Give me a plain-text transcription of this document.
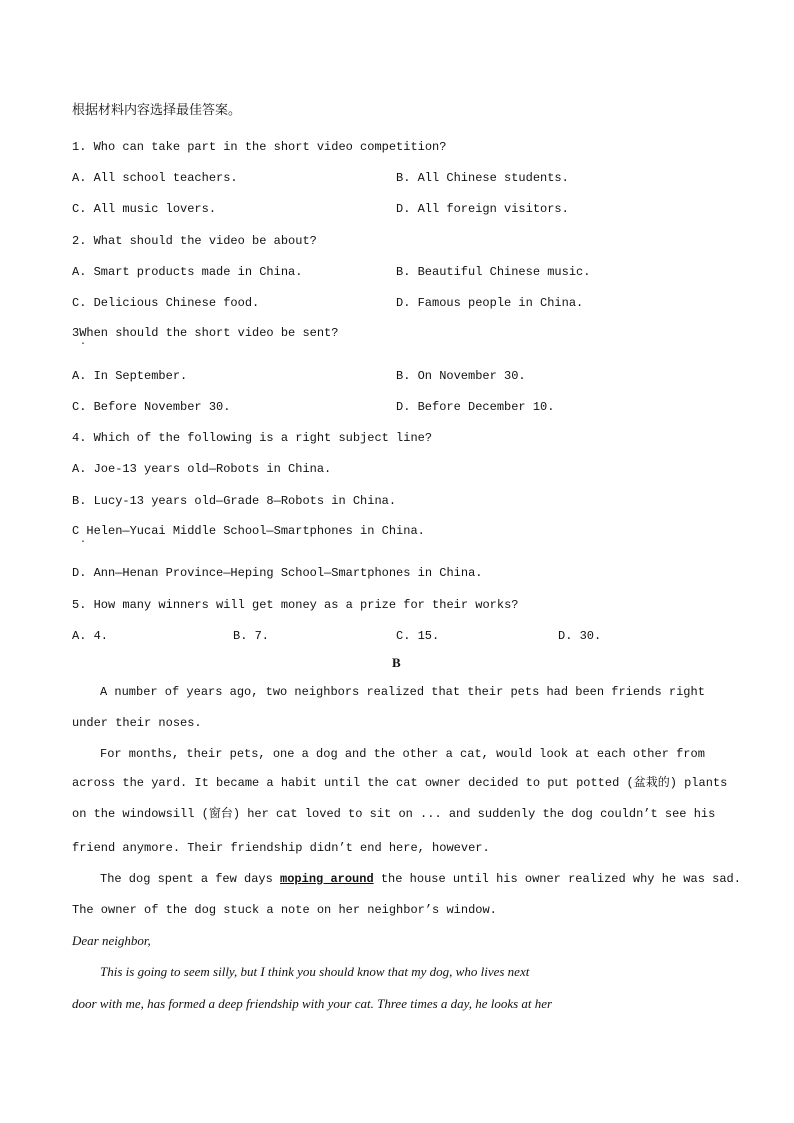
根据材料内容选择最佳答案。
1. Who can take part in the short video competition?
A. All school teachers.	B. All Chinese students.
C. All music lovers.	D. All foreign visitors.
2. What should the video be about?
A. Smart products made in China.	B. Beautiful Chinese music.
C. Delicious Chinese food.	D. Famous people in China.
3When should the short video be sent?
·
A. In September.	B. On November 30.
C. Before November 30.	D. Before December 10.
4. Which of the following is a right subject line?
A. Joe-13 years old—Robots in China.
B. Lucy-13 years old—Grade 8—Robots in China.
C Helen—Yucai Middle School—Smartphones in China.
·
D. Ann—Henan Province—Heping School—Smartphones in China.
5. How many winners will get money as a prize for their works?
A. 4.	B. 7.	C. 15.	D. 30.
B
A number of years ago, two neighbors realized that their pets had been friends right
under their noses.
For months, their pets, one a dog and the other a cat, would look at each other from
across the yard. It became a habit until the cat owner decided to put potted (盆栽的) plants
on the windowsill (窗台) her cat loved to sit on ... and suddenly the dog couldn’t see his
friend anymore. Their friendship didn’t end here, however.
The dog spent a few days moping around the house until his owner realized why he was sad.
The owner of the dog stuck a note on her neighbor’s window.
Dear neighbor,
This is going to seem silly, but I think you should know that my dog, who lives next
door with me, has formed a deep friendship with your cat. Three times a day, he looks at her
